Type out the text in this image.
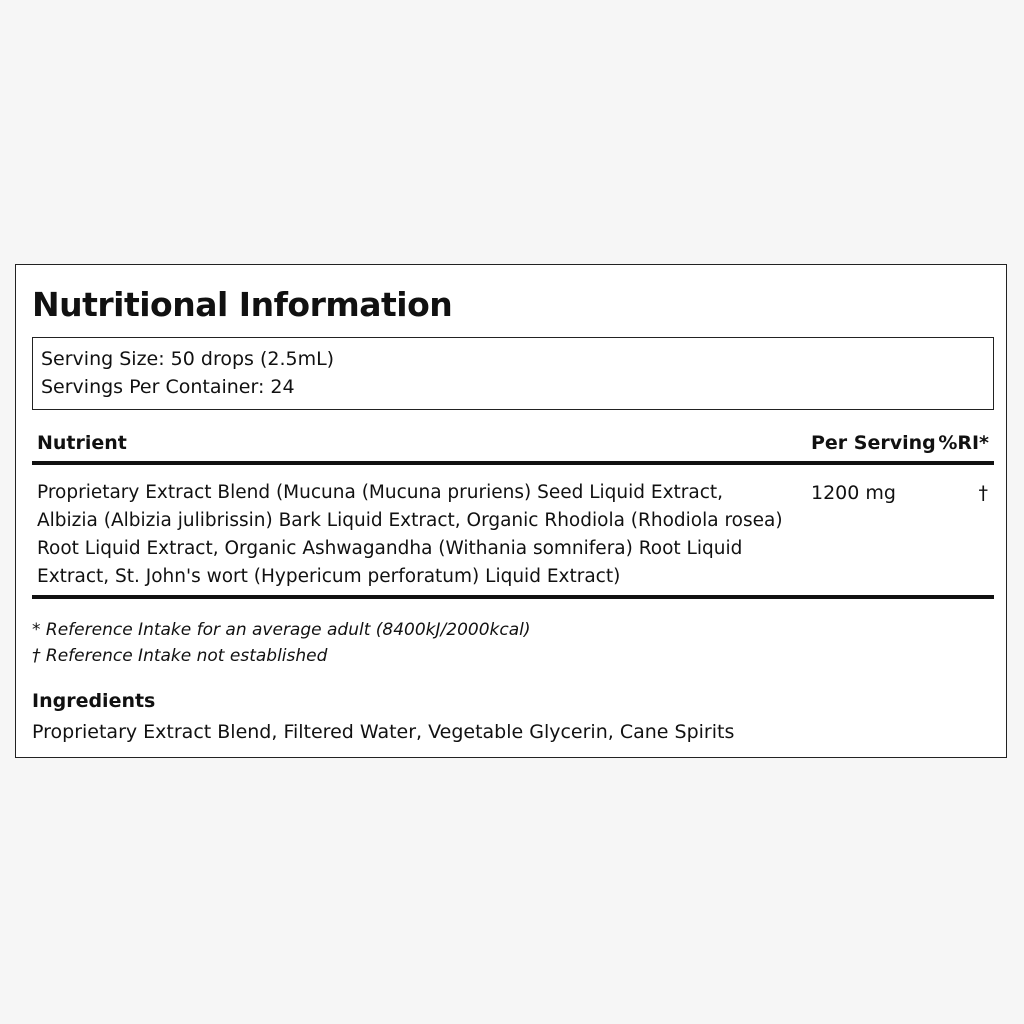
Nutritional Information
Serving Size: 50 drops (2.5mL)
Servings Per Container: 24
Nutrient	Per Serving %RI*
Proprietary Extract Blend (Mucuna (Mucuna pruriens) Seed Liquid Extract,
Albizia (Albizia julibrissin) Bark Liquid Extract, Organic Rhodiola (Rhodiola rosea)
Root Liquid Extract, Organic Ashwagandha (Withania somnifera) Root Liquid
Extract, St. John's wort (Hypericum perforatum) Liquid Extract)
1200 mg	†
* Reference Intake for an average adult (8400kJ/2000kcal)
† Reference Intake not established
Ingredients
Proprietary Extract Blend, Filtered Water, Vegetable Glycerin, Cane Spirits
